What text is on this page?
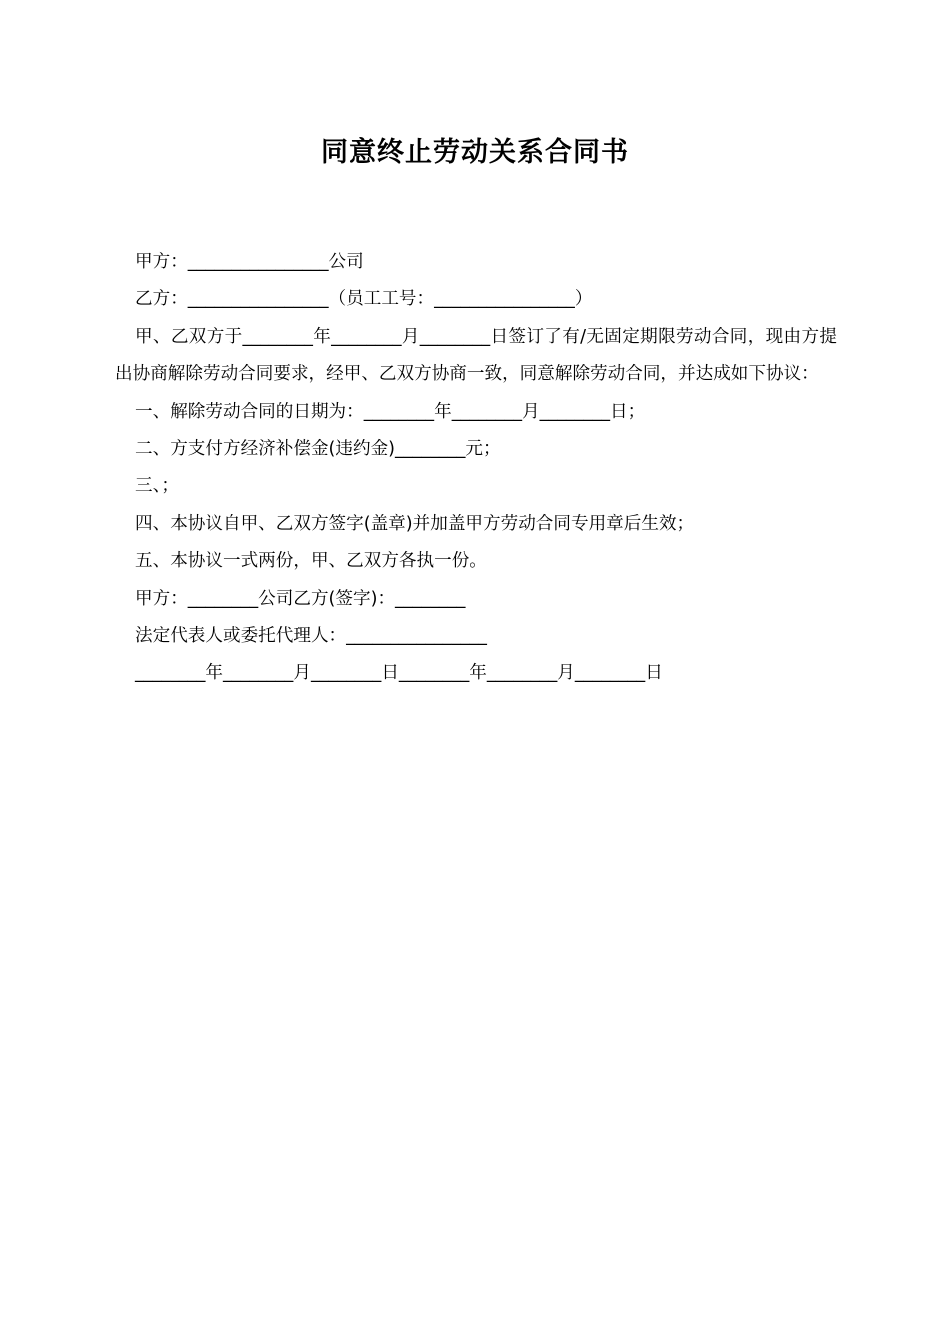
同意终止劳动关系合同书

甲方：________________公司

乙方：________________（员工工号：________________）

甲、乙双方于________年________月________日签订了有/无固定期限劳动合同，现由方提出协商解除劳动合同要求，经甲、乙双方协商一致，同意解除劳动合同，并达成如下协议：

一、解除劳动合同的日期为：________年________月________日；

二、方支付方经济补偿金(违约金)________元；

三、；

四、本协议自甲、乙双方签字(盖章)并加盖甲方劳动合同专用章后生效；

五、本协议一式两份，甲、乙双方各执一份。

甲方：________公司乙方(签字)：________

法定代表人或委托代理人：________________

________年________月________日________年________月________日
